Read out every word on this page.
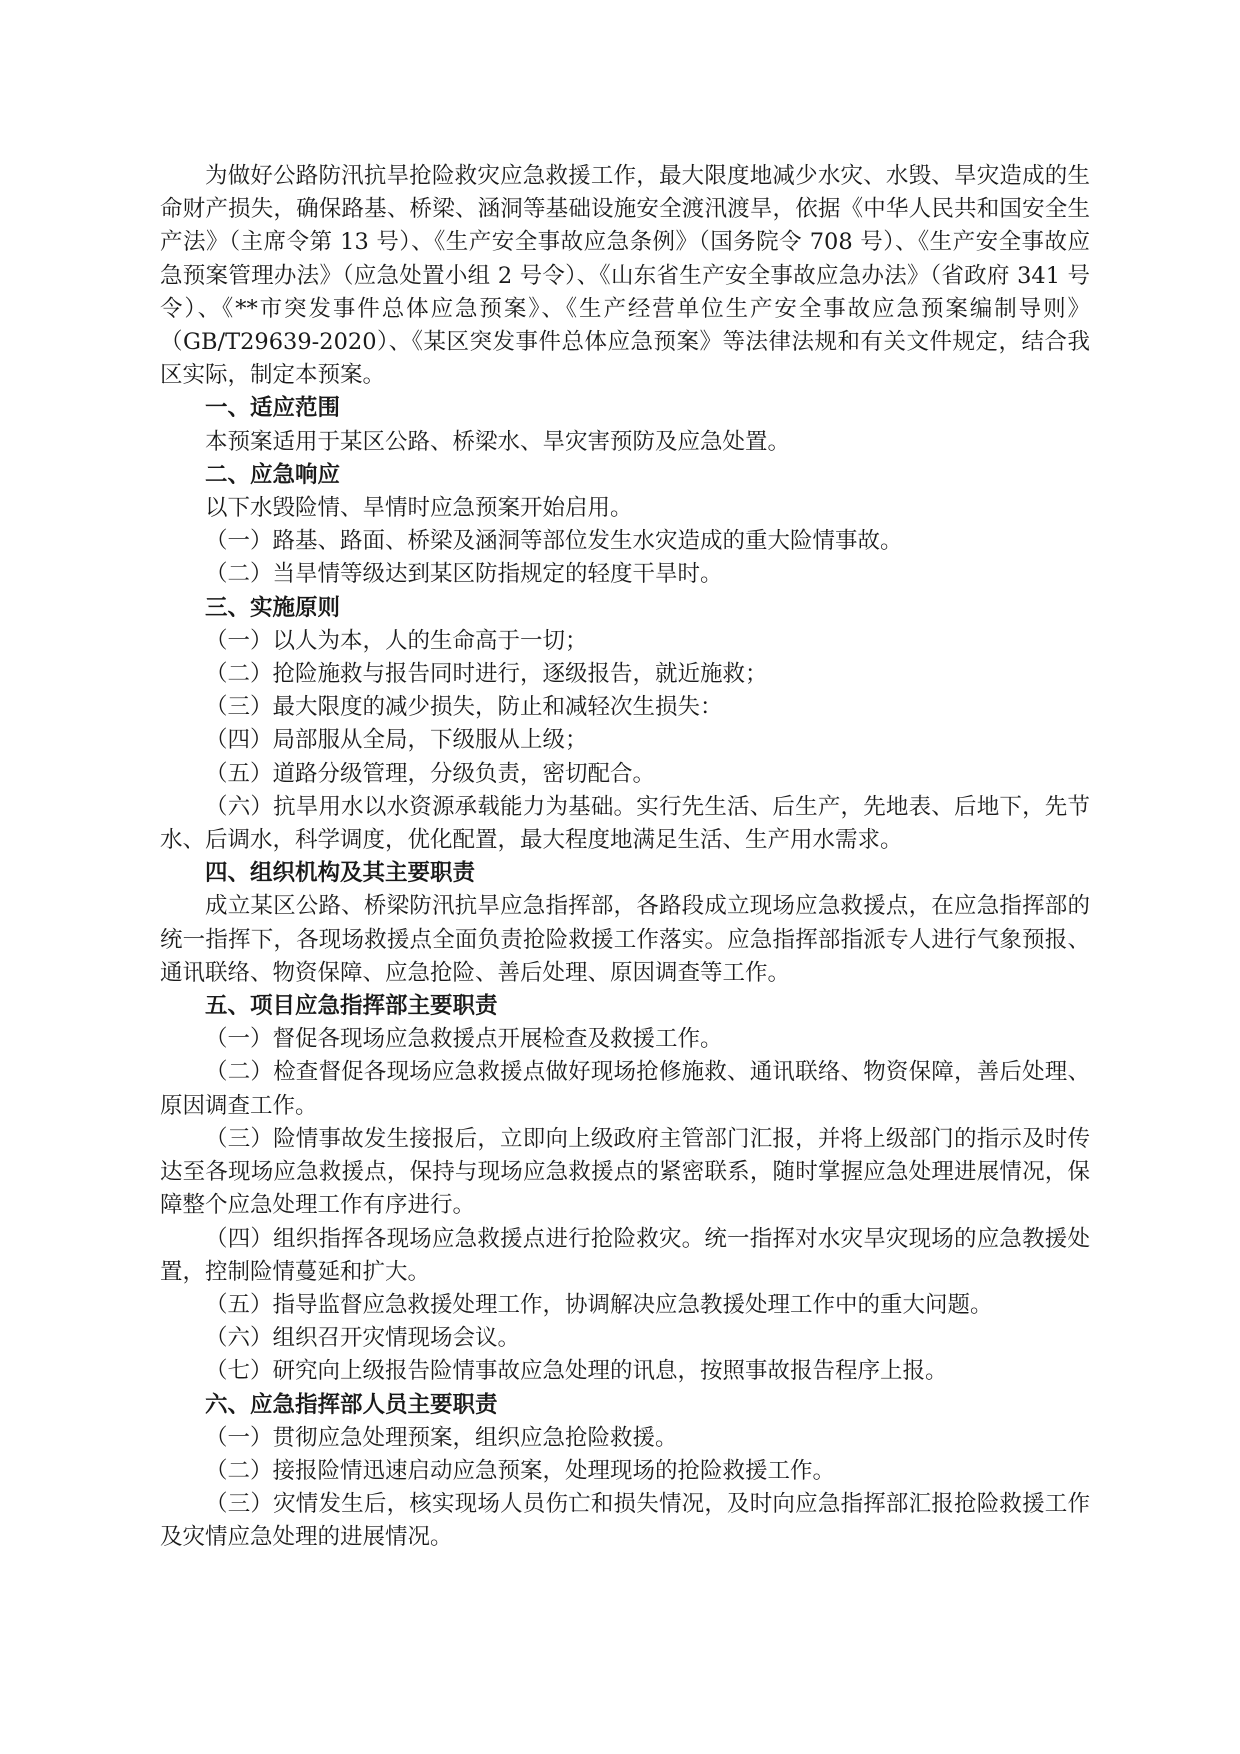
为做好公路防汛抗旱抢险救灾应急救援工作，最大限度地减少水灾、水毁、旱灾造成的生命财产损失，确保路基、桥梁、涵洞等基础设施安全渡汛渡旱，依据《中华人民共和国安全生产法》（主席令第 13 号）、《生产安全事故应急条例》（国务院令 708 号）、《生产安全事故应急预案管理办法》（应急处置小组 2 号令）、《山东省生产安全事故应急办法》（省政府 341 号令）、《**市突发事件总体应急预案》、《生产经营单位生产安全事故应急预案编制导则》（GB/T29639-2020）、《某区突发事件总体应急预案》等法律法规和有关文件规定，结合我区实际，制定本预案。

一、适应范围

本预案适用于某区公路、桥梁水、旱灾害预防及应急处置。

二、应急响应

以下水毁险情、旱情时应急预案开始启用。

（一）路基、路面、桥梁及涵洞等部位发生水灾造成的重大险情事故。

（二）当旱情等级达到某区防指规定的轻度干旱时。

三、实施原则

（一）以人为本，人的生命高于一切；

（二）抢险施救与报告同时进行，逐级报告，就近施救；

（三）最大限度的减少损失，防止和减轻次生损失：

（四）局部服从全局，下级服从上级；

（五）道路分级管理，分级负责，密切配合。

（六）抗旱用水以水资源承载能力为基础。实行先生活、后生产，先地表、后地下，先节水、后调水，科学调度，优化配置，最大程度地满足生活、生产用水需求。

四、组织机构及其主要职责

成立某区公路、桥梁防汛抗旱应急指挥部，各路段成立现场应急救援点，在应急指挥部的统一指挥下，各现场救援点全面负责抢险救援工作落实。应急指挥部指派专人进行气象预报、通讯联络、物资保障、应急抢险、善后处理、原因调查等工作。

五、项目应急指挥部主要职责

（一）督促各现场应急救援点开展检查及救援工作。

（二）检查督促各现场应急救援点做好现场抢修施救、通讯联络、物资保障，善后处理、原因调查工作。

（三）险情事故发生接报后，立即向上级政府主管部门汇报，并将上级部门的指示及时传达至各现场应急救援点，保持与现场应急救援点的紧密联系，随时掌握应急处理进展情况，保障整个应急处理工作有序进行。

（四）组织指挥各现场应急救援点进行抢险救灾。统一指挥对水灾旱灾现场的应急教援处置，控制险情蔓延和扩大。

（五）指导监督应急救援处理工作，协调解决应急教援处理工作中的重大问题。

（六）组织召开灾情现场会议。

（七）研究向上级报告险情事故应急处理的讯息，按照事故报告程序上报。

六、应急指挥部人员主要职责

（一）贯彻应急处理预案，组织应急抢险救援。

（二）接报险情迅速启动应急预案，处理现场的抢险救援工作。

（三）灾情发生后，核实现场人员伤亡和损失情况，及时向应急指挥部汇报抢险救援工作及灾情应急处理的进展情况。
